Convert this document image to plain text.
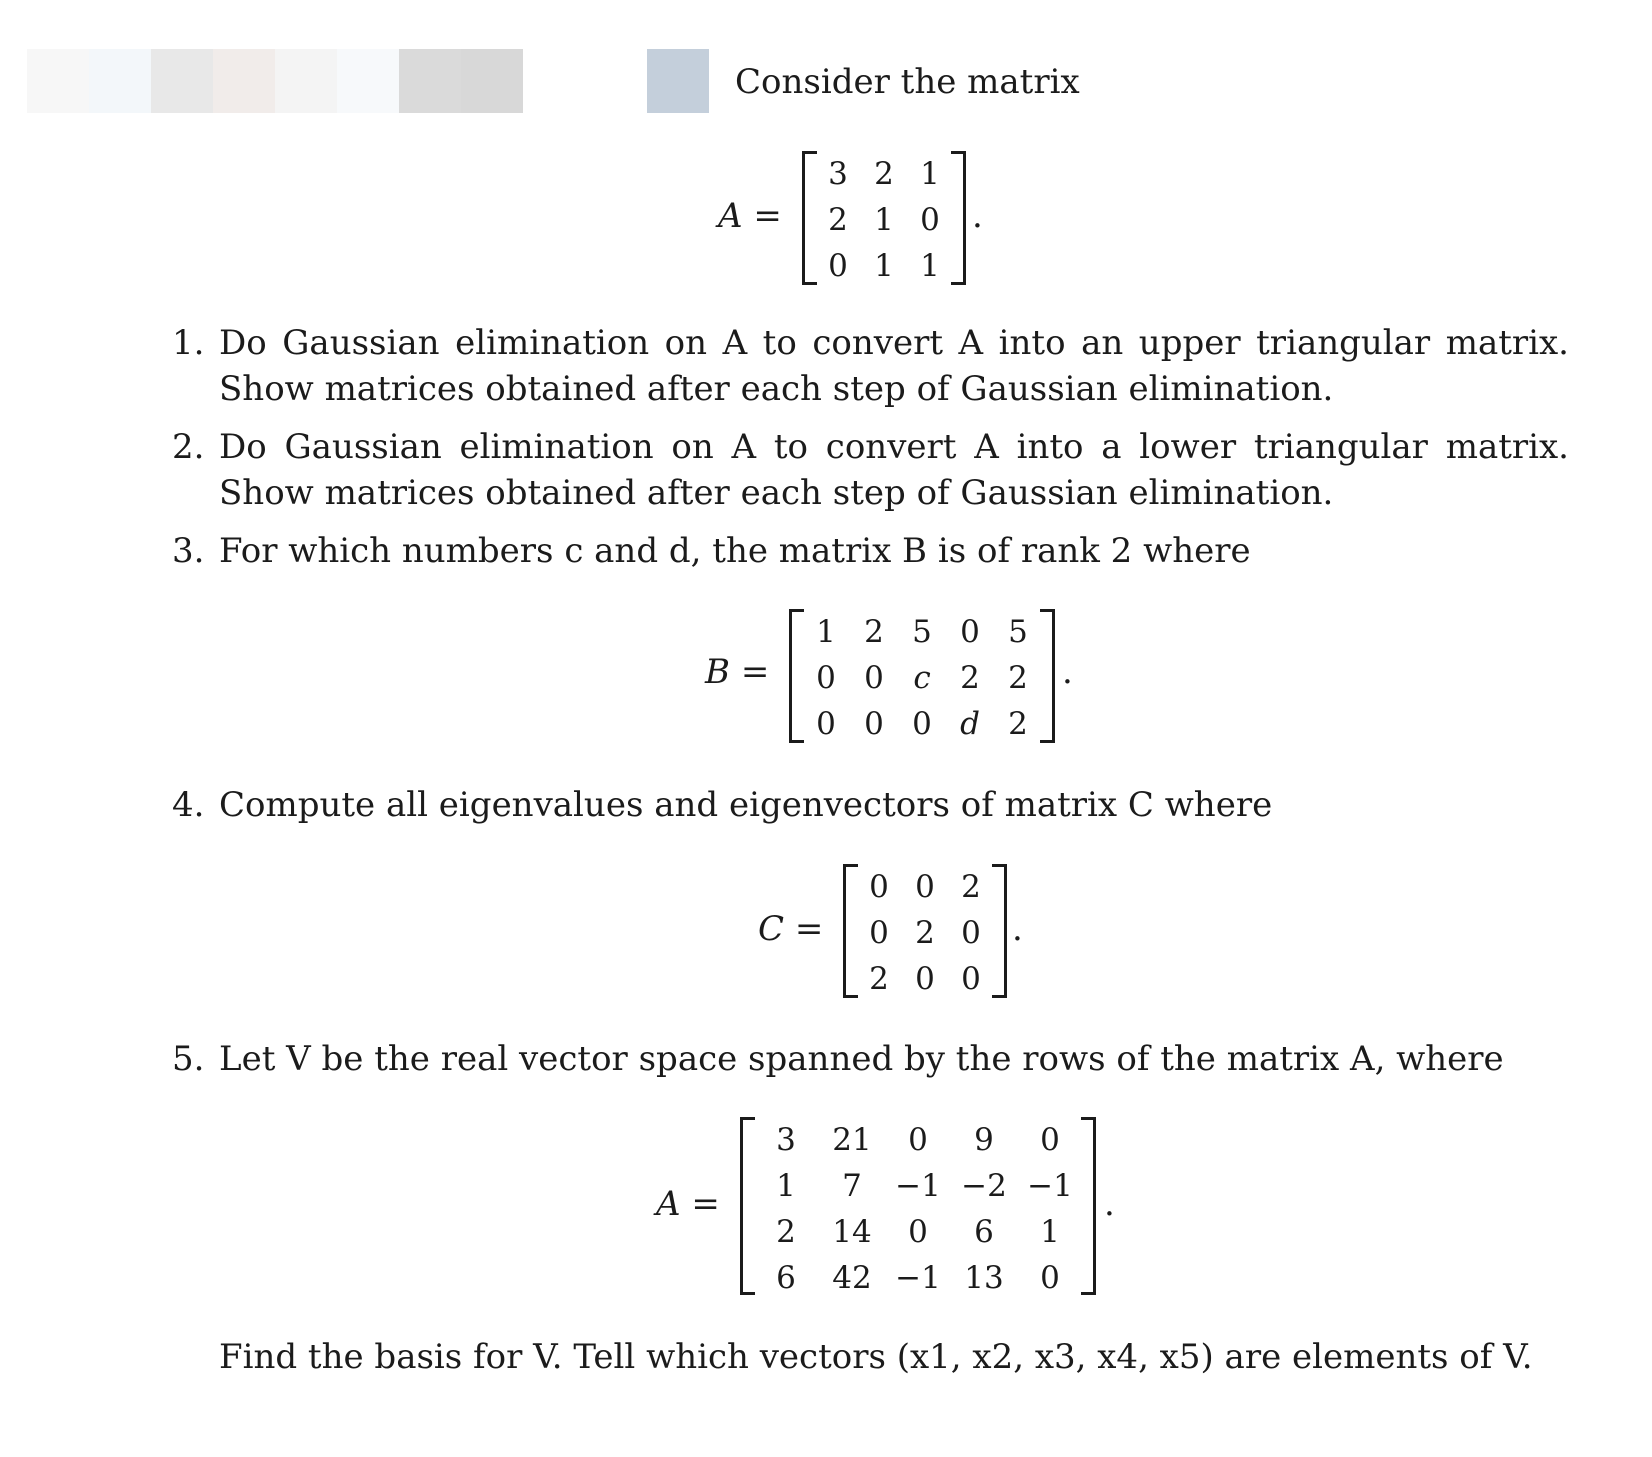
Consider the matrix
A =
3 2 1
2 1 0
0 1 1
.
1. Do Gaussian elimination on A to convert A into an upper triangular matrix. Show matrices obtained after each step of Gaussian elimination.
2. Do Gaussian elimination on A to convert A into a lower triangular matrix. Show matrices obtained after each step of Gaussian elimination.
3. For which numbers c and d, the matrix B is of rank 2 where
B =
1 2 5 0 5
0 0 c 2 2
0 0 0 d 2
.
4. Compute all eigenvalues and eigenvectors of matrix C where
C =
0 0 2
0 2 0
2 0 0
.
5. Let V be the real vector space spanned by the rows of the matrix A, where
A =
3	21	0	9	0
1	7	−1 −2 −1
2	14	0	6	1
6	42 −1 13	0
.
Find the basis for V. Tell which vectors (x1, x2, x3, x4, x5) are elements of V.
